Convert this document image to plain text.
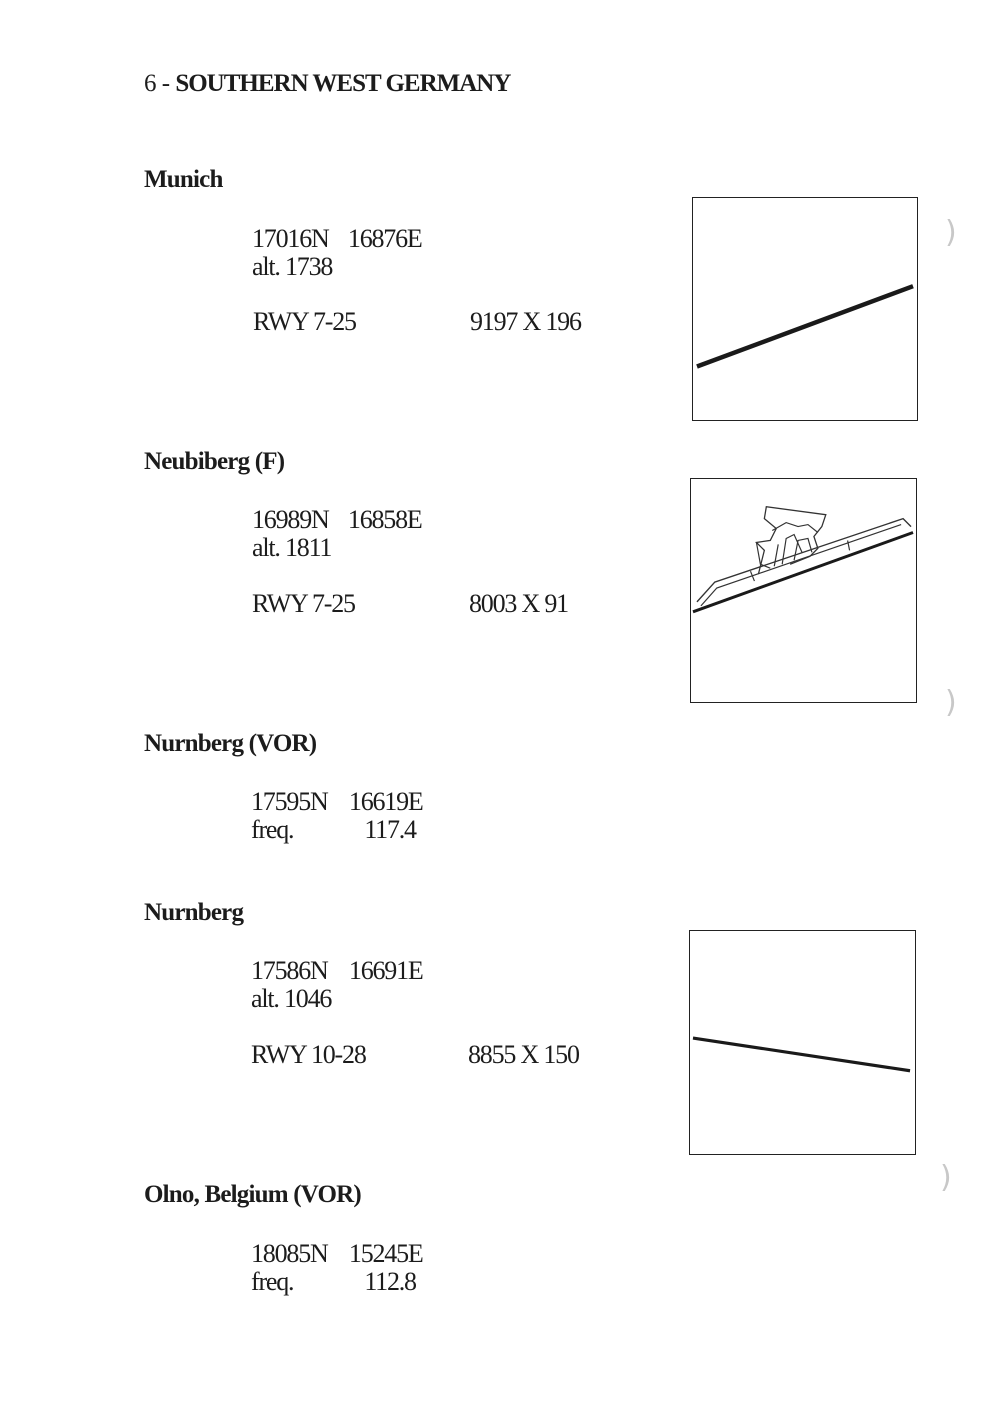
6 - SOUTHERN WEST GERMANY
Munich
17016N 16876E
alt. 1738
RWY 7-25	9197 X 196
Neubiberg (F)
16989N 16858E
alt. 1811
RWY 7-25	8003 X 91
Nurnberg (VOR)
17595N 16619E
freq.	117.4
Nurnberg
17586N 16691E
alt. 1046
RWY 10-28	8855 X 150
Olno, Belgium (VOR)
18085N 15245E
freq.	112.8
)
)
)
